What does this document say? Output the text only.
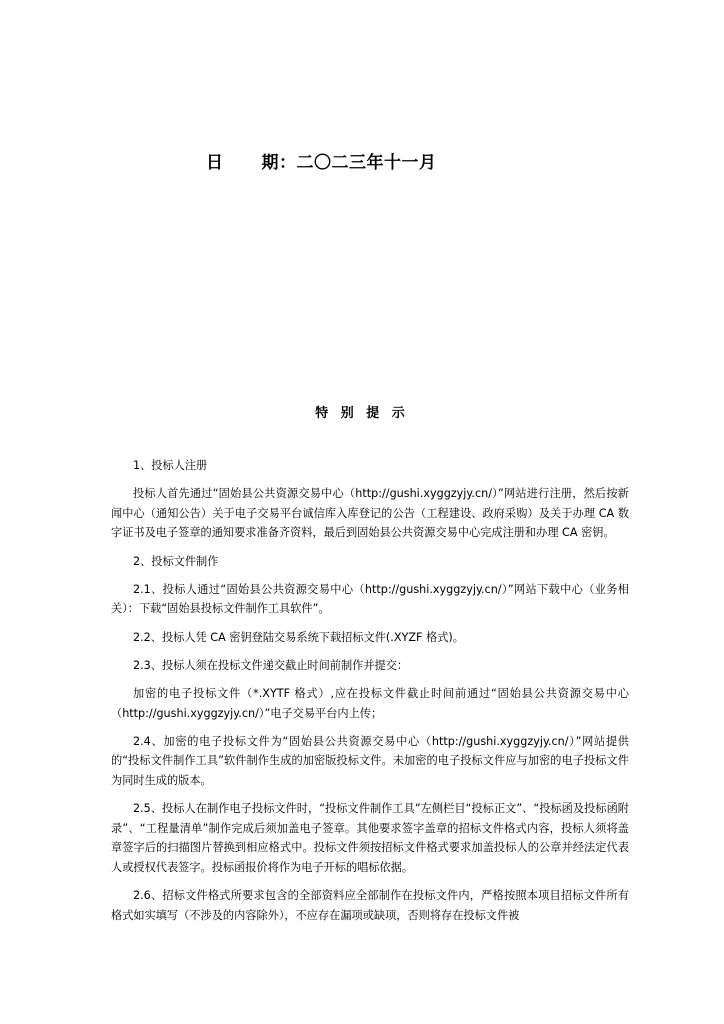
日 期：二〇二三年十一月
特 别 提 示

1、投标人注册

投标人首先通过“固始县公共资源交易中心（http://gushi.xyggzyjy.cn/）”网站进行注册，然后按新闻中心（通知公告）关于电子交易平台诚信库入库登记的公告（工程建设、政府采购）及关于办理 CA 数字证书及电子签章的通知要求准备齐资料，最后到固始县公共资源交易中心完成注册和办理 CA 密钥。

2、投标文件制作

2.1、投标人通过“固始县公共资源交易中心（http://gushi.xyggzyjy.cn/）”网站下载中心（业务相关）：下载“固始县投标文件制作工具软件”。

2.2、投标人凭 CA 密钥登陆交易系统下载招标文件(.XYZF 格式)。

2.3、投标人须在投标文件递交截止时间前制作并提交：

加密的电子投标文件（*.XYTF 格式）,应在投标文件截止时间前通过“固始县公共资源交易中心（http://gushi.xyggzyjy.cn/）”电子交易平台内上传；

2.4、加密的电子投标文件为“固始县公共资源交易中心（http://gushi.xyggzyjy.cn/）”网站提供的“投标文件制作工具”软件制作生成的加密版投标文件。未加密的电子投标文件应与加密的电子投标文件为同时生成的版本。

2.5、投标人在制作电子投标文件时，“投标文件制作工具”左侧栏目“投标正文”、“投标函及投标函附录”、“工程量清单”制作完成后须加盖电子签章。其他要求签字盖章的招标文件格式内容，投标人须将盖章签字后的扫描图片替换到相应格式中。投标文件须按招标文件格式要求加盖投标人的公章并经法定代表人或授权代表签字。投标函报价将作为电子开标的唱标依据。

2.6、招标文件格式所要求包含的全部资料应全部制作在投标文件内，严格按照本项目招标文件所有格式如实填写（不涉及的内容除外），不应存在漏项或缺项，否则将存在投标文件被
